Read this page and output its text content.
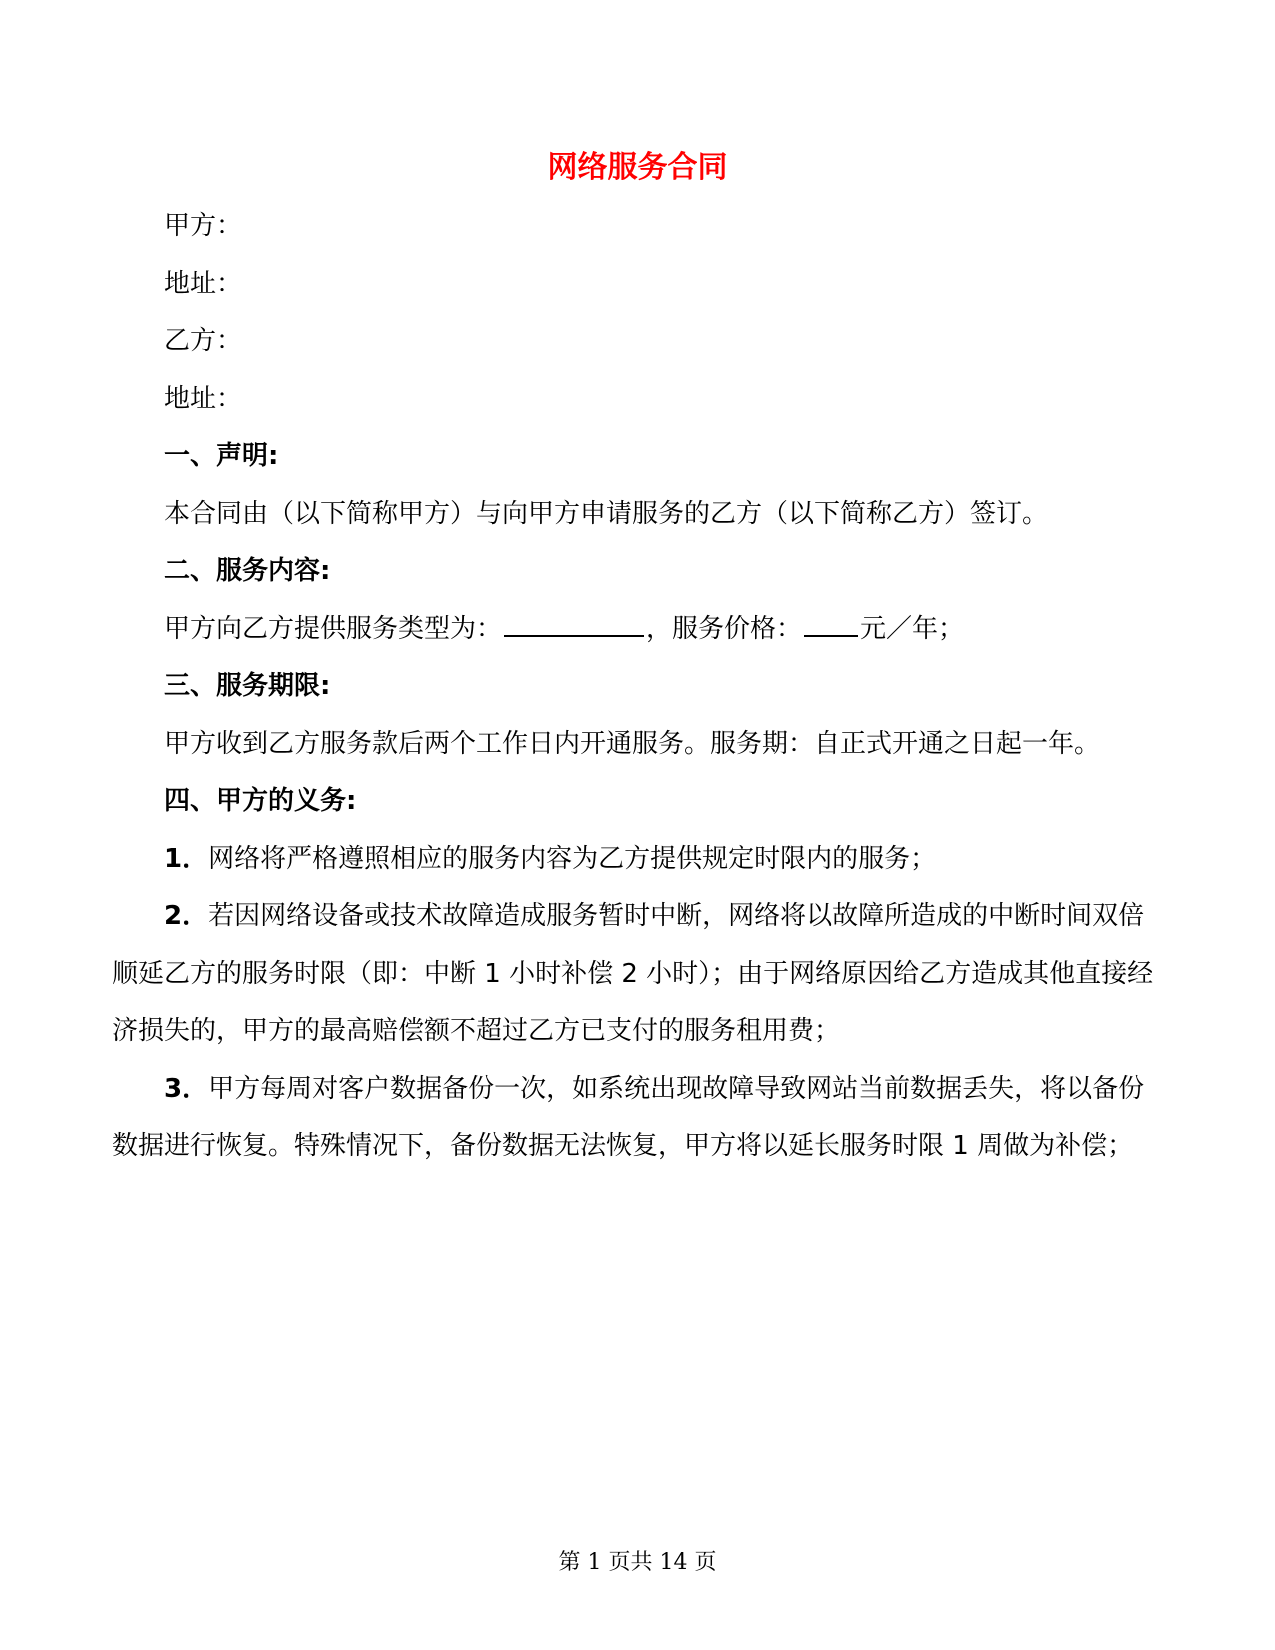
网络服务合同

甲方：

地址：

乙方：

地址：

一、声明:

本合同由（以下简称甲方）与向甲方申请服务的乙方（以下简称乙方）签订。

二、服务内容:

甲方向乙方提供服务类型为：	，服务价格： 元／年；

三、服务期限:

甲方收到乙方服务款后两个工作日内开通服务。服务期：自正式开通之日起一年。

四、甲方的义务:

1．网络将严格遵照相应的服务内容为乙方提供规定时限内的服务；

2．若因网络设备或技术故障造成服务暂时中断，网络将以故障所造成的中断时间双倍顺延乙方的服务时限（即：中断 1 小时补偿 2 小时）；由于网络原因给乙方造成其他直接经济损失的，甲方的最高赔偿额不超过乙方已支付的服务租用费；

3．甲方每周对客户数据备份一次，如系统出现故障导致网站当前数据丢失，将以备份数据进行恢复。特殊情况下，备份数据无法恢复，甲方将以延长服务时限 1 周做为补偿；

第 1 页共 14 页
